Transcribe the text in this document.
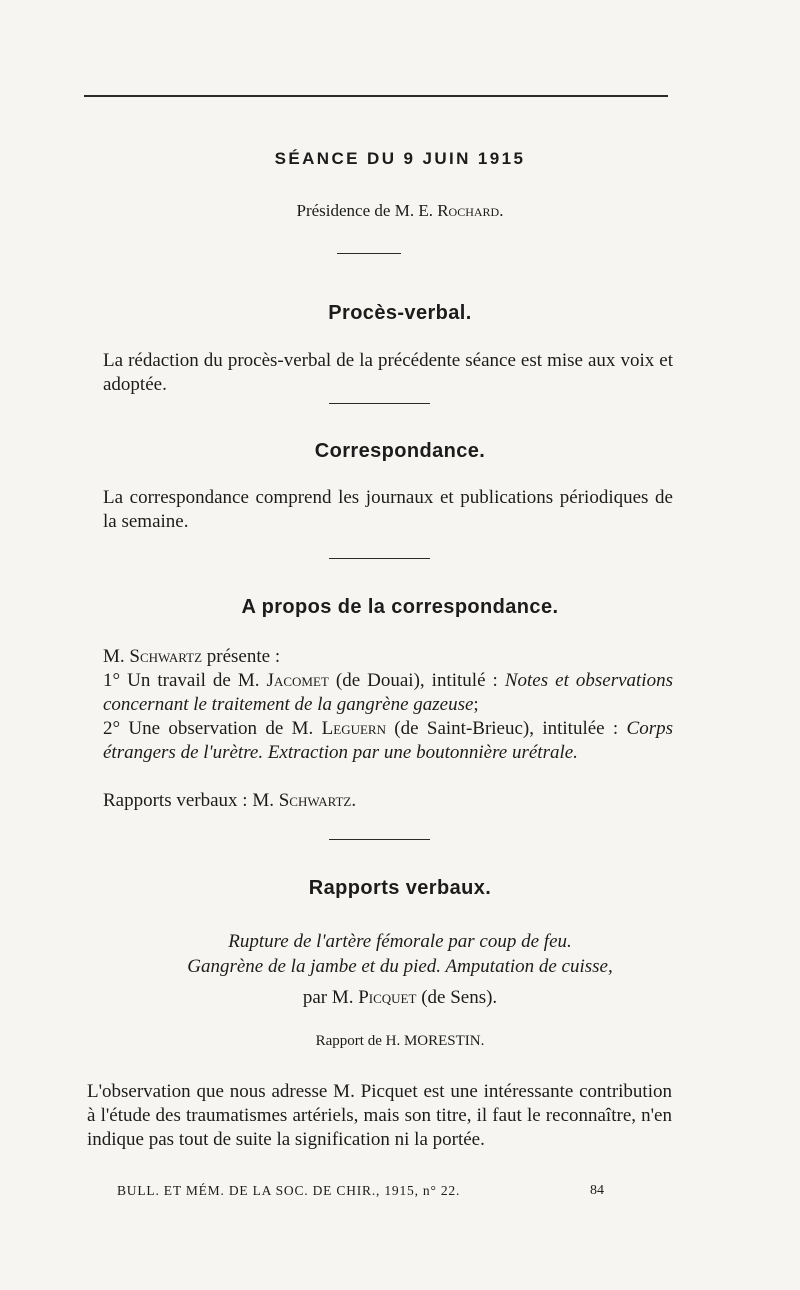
SÉANCE DU 9 JUIN 1915
Présidence de M. E. Rochard.
Procès-verbal.
La rédaction du procès-verbal de la précédente séance est mise aux voix et adoptée.
Correspondance.
La correspondance comprend les journaux et publications périodiques de la semaine.
A propos de la correspondance.
M. Schwartz présente :
1° Un travail de M. Jacomet (de Douai), intitulé : Notes et observations concernant le traitement de la gangrène gazeuse;
2° Une observation de M. Leguern (de Saint-Brieuc), intitulée : Corps étrangers de l'urètre. Extraction par une boutonnière urétrale.
Rapports verbaux : M. Schwartz.
Rapports verbaux.
Rupture de l'artère fémorale par coup de feu.
Gangrène de la jambe et du pied. Amputation de cuisse,
par M. Picquet (de Sens).
Rapport de H. MORESTIN.
L'observation que nous adresse M. Picquet est une intéressante contribution à l'étude des traumatismes artériels, mais son titre, il faut le reconnaître, n'en indique pas tout de suite la signification ni la portée.
BULL. ET MÉM. DE LA SOC. DE CHIR., 1915, n° 22.	84
